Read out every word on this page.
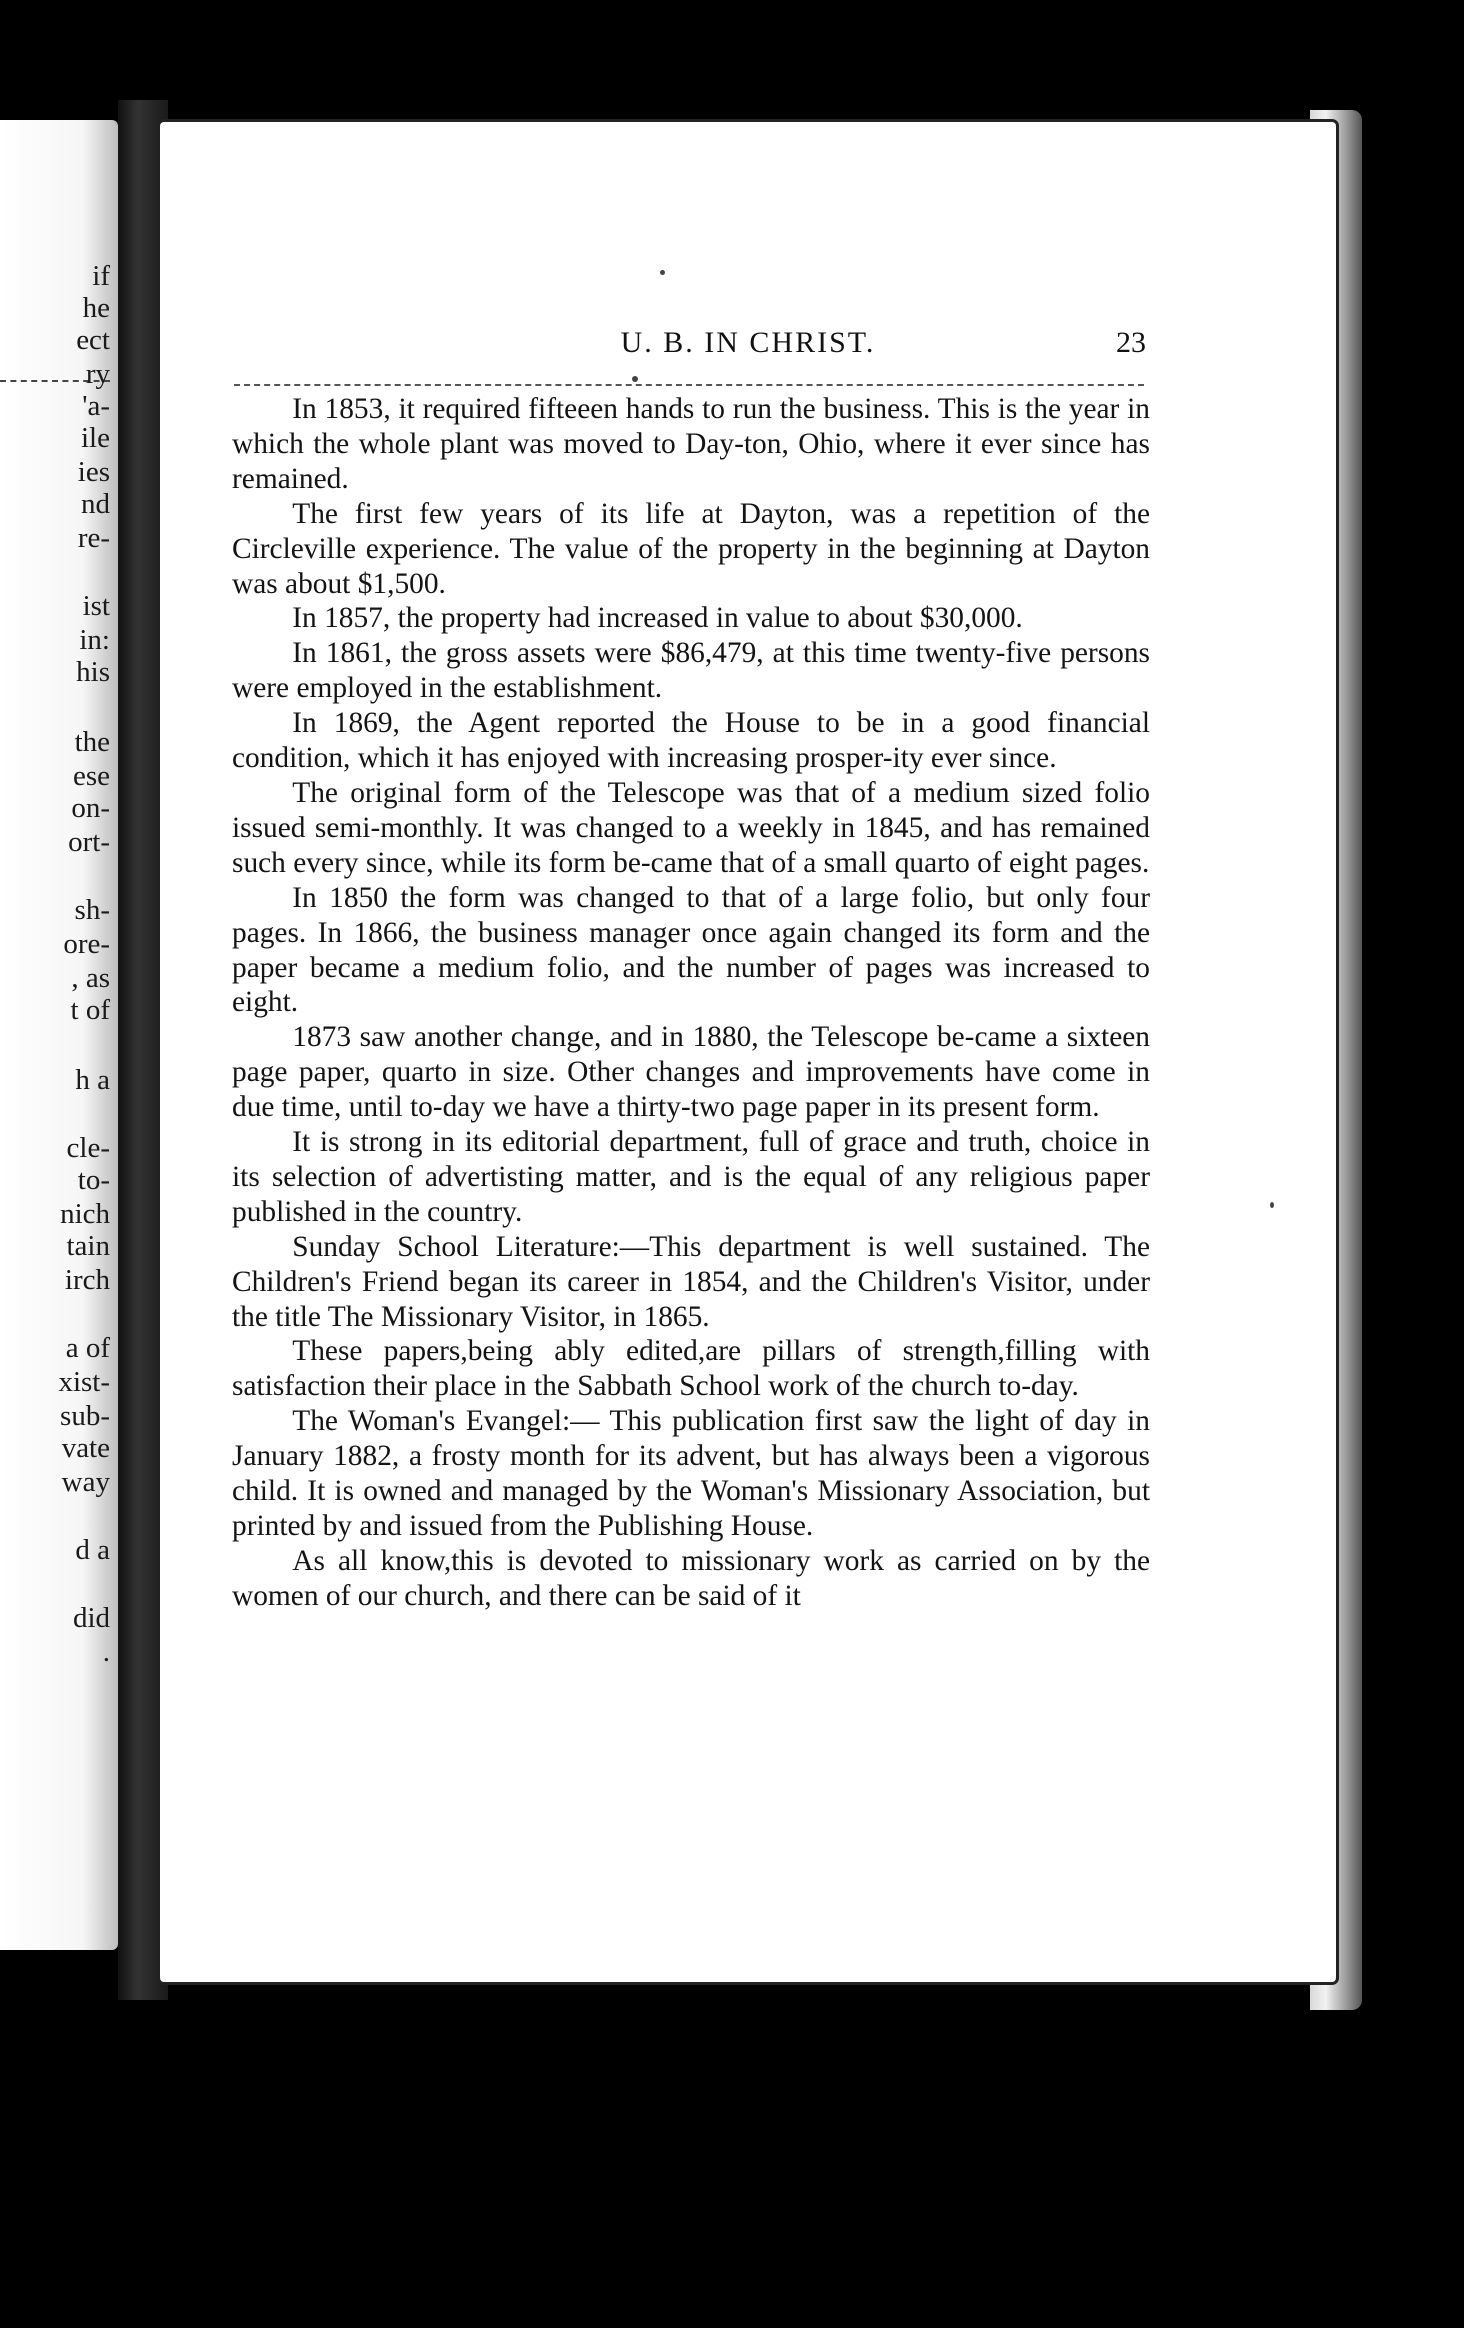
if
he
ect
ry
'a-
ile
ies
nd
re-
ist
in:
his
the
ese
on-
ort-
sh-
ore-
, as
t of
h a
cle-
to-
nich
tain
irch
a of
xist-
sub-
vate
way
d a
did
.
U. B. IN CHRIST.	23

In 1853, it required fifteeen hands to run the business. This is the year in which the whole plant was moved to Day-ton, Ohio, where it ever since has remained.

The first few years of its life at Dayton, was a repetition of the Circleville experience. The value of the property in the beginning at Dayton was about $1,500.

In 1857, the property had increased in value to about $30,000.

In 1861, the gross assets were $86,479, at this time twenty-five persons were employed in the establishment.

In 1869, the Agent reported the House to be in a good financial condition, which it has enjoyed with increasing prosper-ity ever since.

The original form of the Telescope was that of a medium sized folio issued semi-monthly. It was changed to a weekly in 1845, and has remained such every since, while its form be-came that of a small quarto of eight pages.

In 1850 the form was changed to that of a large folio, but only four pages. In 1866, the business manager once again changed its form and the paper became a medium folio, and the number of pages was increased to eight.

1873 saw another change, and in 1880, the Telescope be-came a sixteen page paper, quarto in size. Other changes and improvements have come in due time, until to-day we have a thirty-two page paper in its present form.

It is strong in its editorial department, full of grace and truth, choice in its selection of advertisting matter, and is the equal of any religious paper published in the country.

Sunday School Literature:—This department is well sustained. The Children's Friend began its career in 1854, and the Children's Visitor, under the title The Missionary Visitor, in 1865.

These papers,being ably edited,are pillars of strength,filling with satisfaction their place in the Sabbath School work of the church to-day.

The Woman's Evangel:— This publication first saw the light of day in January 1882, a frosty month for its advent, but has always been a vigorous child. It is owned and managed by the Woman's Missionary Association, but printed by and issued from the Publishing House.

As all know,this is devoted to missionary work as carried on by the women of our church, and there can be said of it
